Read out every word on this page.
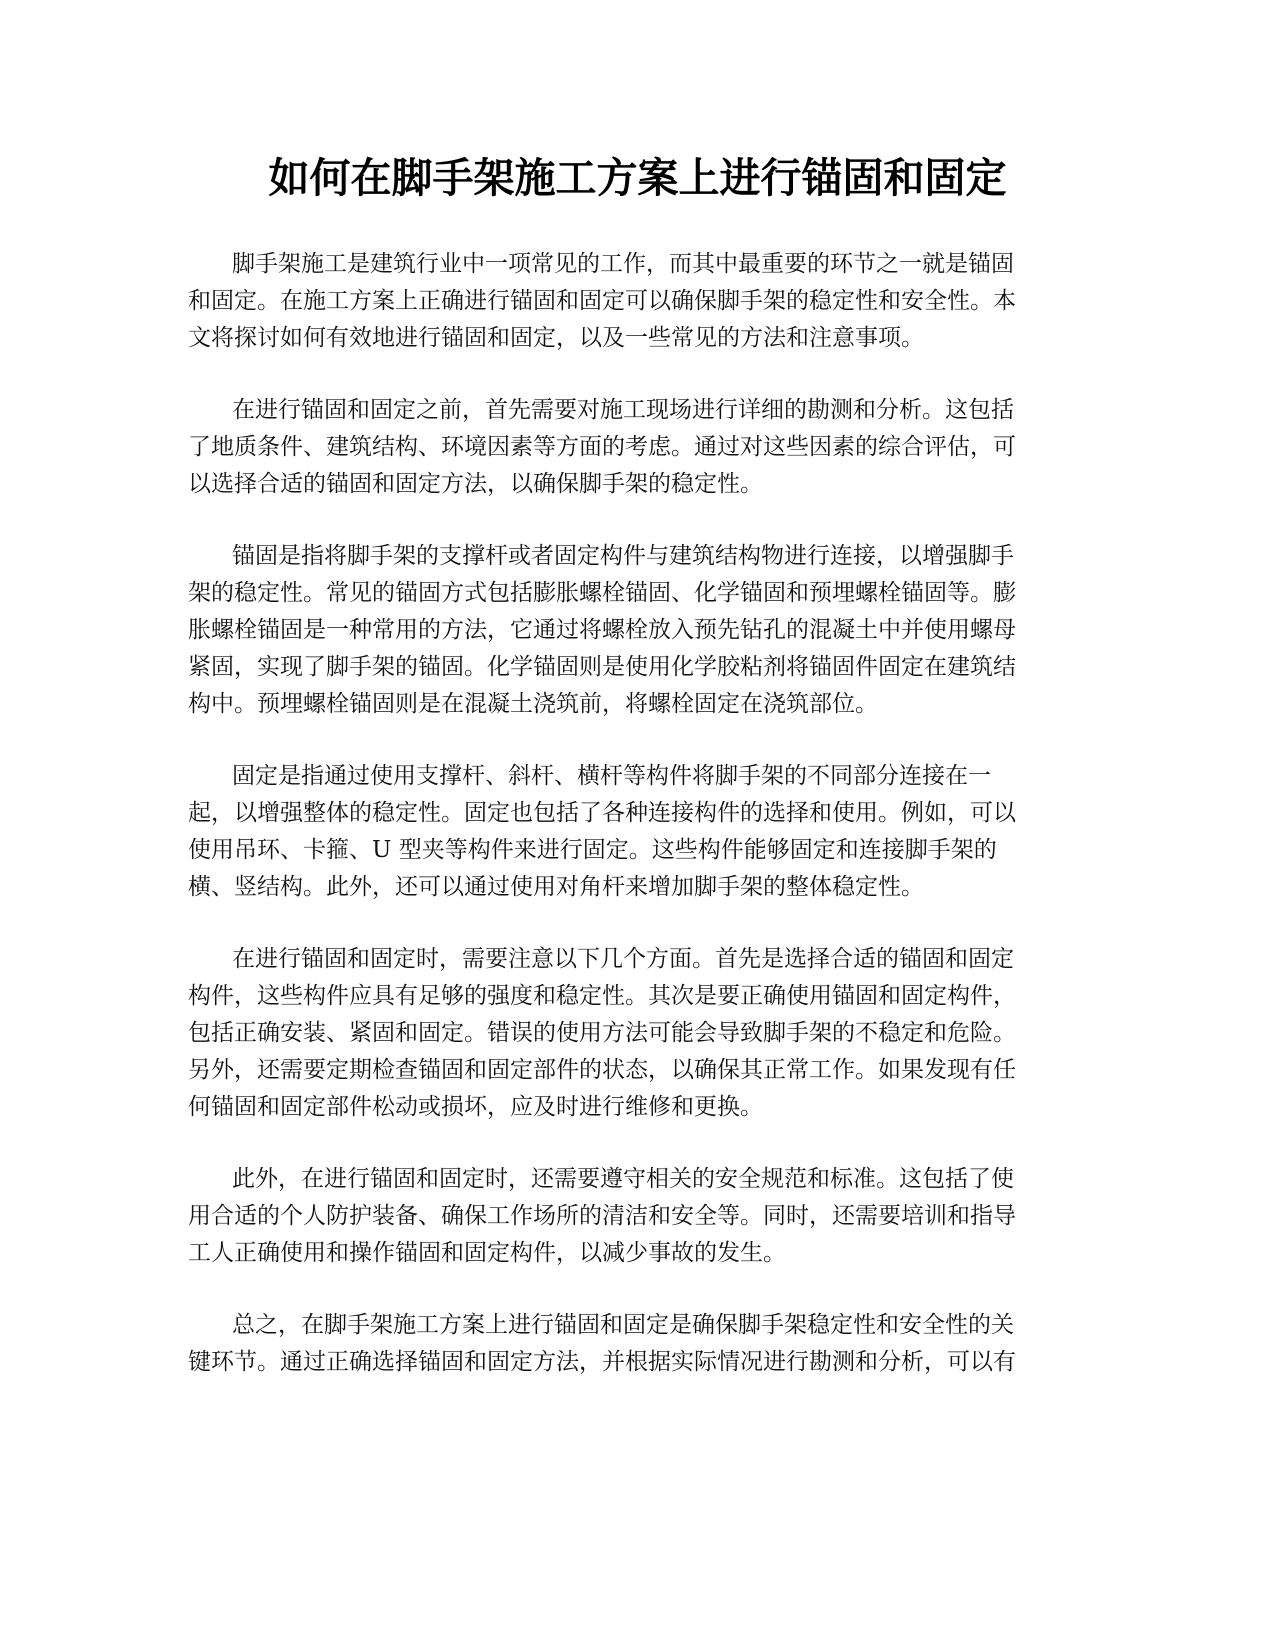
如何在脚手架施工方案上进行锚固和固定
脚手架施工是建筑行业中一项常见的工作，而其中最重要的环节之一就是锚固
和固定。在施工方案上正确进行锚固和固定可以确保脚手架的稳定性和安全性。本
文将探讨如何有效地进行锚固和固定，以及一些常见的方法和注意事项。
在进行锚固和固定之前，首先需要对施工现场进行详细的勘测和分析。这包括
了地质条件、建筑结构、环境因素等方面的考虑。通过对这些因素的综合评估，可
以选择合适的锚固和固定方法，以确保脚手架的稳定性。
锚固是指将脚手架的支撑杆或者固定构件与建筑结构物进行连接，以增强脚手
架的稳定性。常见的锚固方式包括膨胀螺栓锚固、化学锚固和预埋螺栓锚固等。膨
胀螺栓锚固是一种常用的方法，它通过将螺栓放入预先钻孔的混凝土中并使用螺母
紧固，实现了脚手架的锚固。化学锚固则是使用化学胶粘剂将锚固件固定在建筑结
构中。预埋螺栓锚固则是在混凝土浇筑前，将螺栓固定在浇筑部位。
固定是指通过使用支撑杆、斜杆、横杆等构件将脚手架的不同部分连接在一
起，以增强整体的稳定性。固定也包括了各种连接构件的选择和使用。例如，可以
使用吊环、卡箍、U 型夹等构件来进行固定。这些构件能够固定和连接脚手架的
横、竖结构。此外，还可以通过使用对角杆来增加脚手架的整体稳定性。
在进行锚固和固定时，需要注意以下几个方面。首先是选择合适的锚固和固定
构件，这些构件应具有足够的强度和稳定性。其次是要正确使用锚固和固定构件，
包括正确安装、紧固和固定。错误的使用方法可能会导致脚手架的不稳定和危险。
另外，还需要定期检查锚固和固定部件的状态，以确保其正常工作。如果发现有任
何锚固和固定部件松动或损坏，应及时进行维修和更换。
此外，在进行锚固和固定时，还需要遵守相关的安全规范和标准。这包括了使
用合适的个人防护装备、确保工作场所的清洁和安全等。同时，还需要培训和指导
工人正确使用和操作锚固和固定构件，以减少事故的发生。
总之，在脚手架施工方案上进行锚固和固定是确保脚手架稳定性和安全性的关
键环节。通过正确选择锚固和固定方法，并根据实际情况进行勘测和分析，可以有
